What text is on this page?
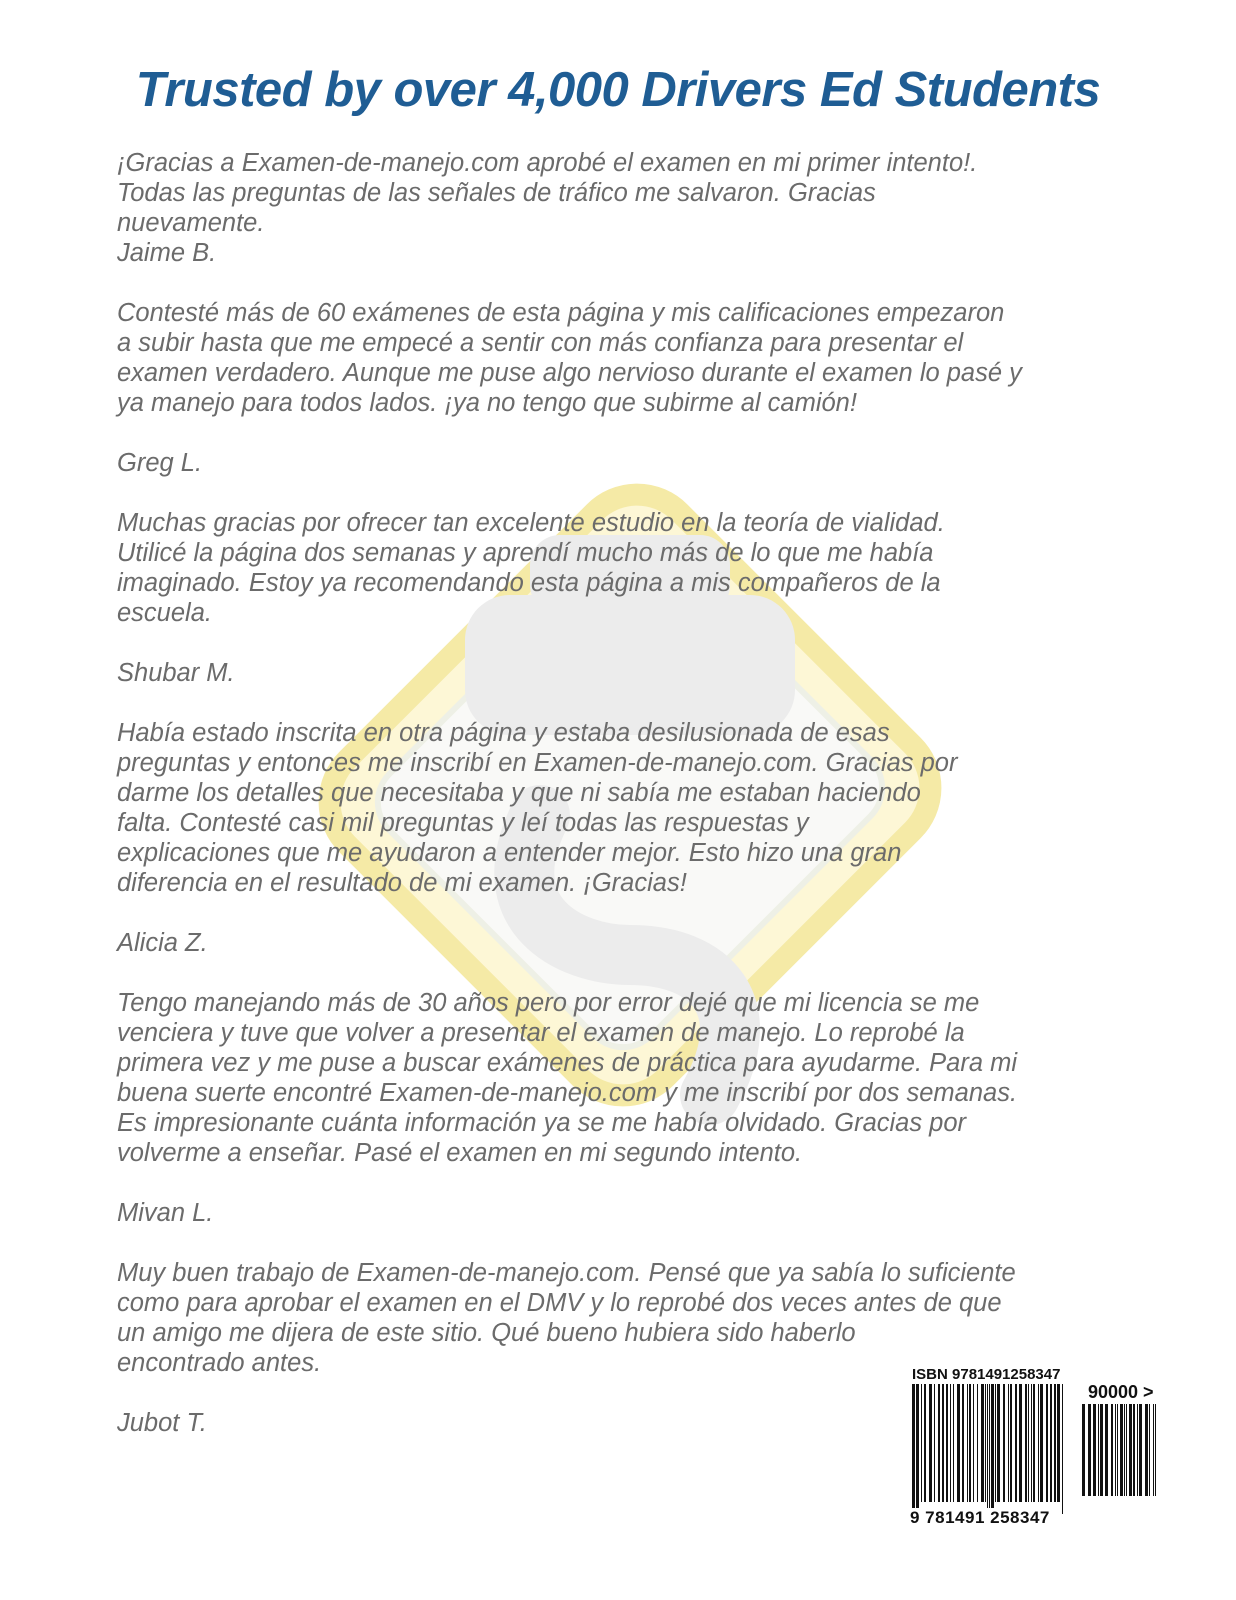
Trusted by over 4,000 Drivers Ed Students

¡Gracias a Examen-de-manejo.com aprobé el examen en mi primer intento!.
Todas las preguntas de las señales de tráfico me salvaron. Gracias
nuevamente.

Jaime B.

Contesté más de 60 exámenes de esta página y mis calificaciones empezaron
a subir hasta que me empecé a sentir con más confianza para presentar el
examen verdadero. Aunque me puse algo nervioso durante el examen lo pasé y
ya manejo para todos lados. ¡ya no tengo que subirme al camión!

Greg L.

Muchas gracias por ofrecer tan excelente estudio en la teoría de vialidad.
Utilicé la página dos semanas y aprendí mucho más de lo que me había
imaginado. Estoy ya recomendando esta página a mis compañeros de la
escuela.

Shubar M.

Había estado inscrita en otra página y estaba desilusionada de esas
preguntas y entonces me inscribí en Examen-de-manejo.com. Gracias por
darme los detalles que necesitaba y que ni sabía me estaban haciendo
falta. Contesté casi mil preguntas y leí todas las respuestas y
explicaciones que me ayudaron a entender mejor. Esto hizo una gran
diferencia en el resultado de mi examen. ¡Gracias!

Alicia Z.

Tengo manejando más de 30 años pero por error dejé que mi licencia se me
venciera y tuve que volver a presentar el examen de manejo. Lo reprobé la
primera vez y me puse a buscar exámenes de práctica para ayudarme. Para mi
buena suerte encontré Examen-de-manejo.com y me inscribí por dos semanas.
Es impresionante cuánta información ya se me había olvidado. Gracias por
volverme a enseñar. Pasé el examen en mi segundo intento.

Mivan L.

Muy buen trabajo de Examen-de-manejo.com. Pensé que ya sabía lo suficiente
como para aprobar el examen en el DMV y lo reprobé dos veces antes de que
un amigo me dijera de este sitio. Qué bueno hubiera sido haberlo
encontrado antes.

Jubot T.

ISBN 9781491258347
90000 >
9 781491 258347
